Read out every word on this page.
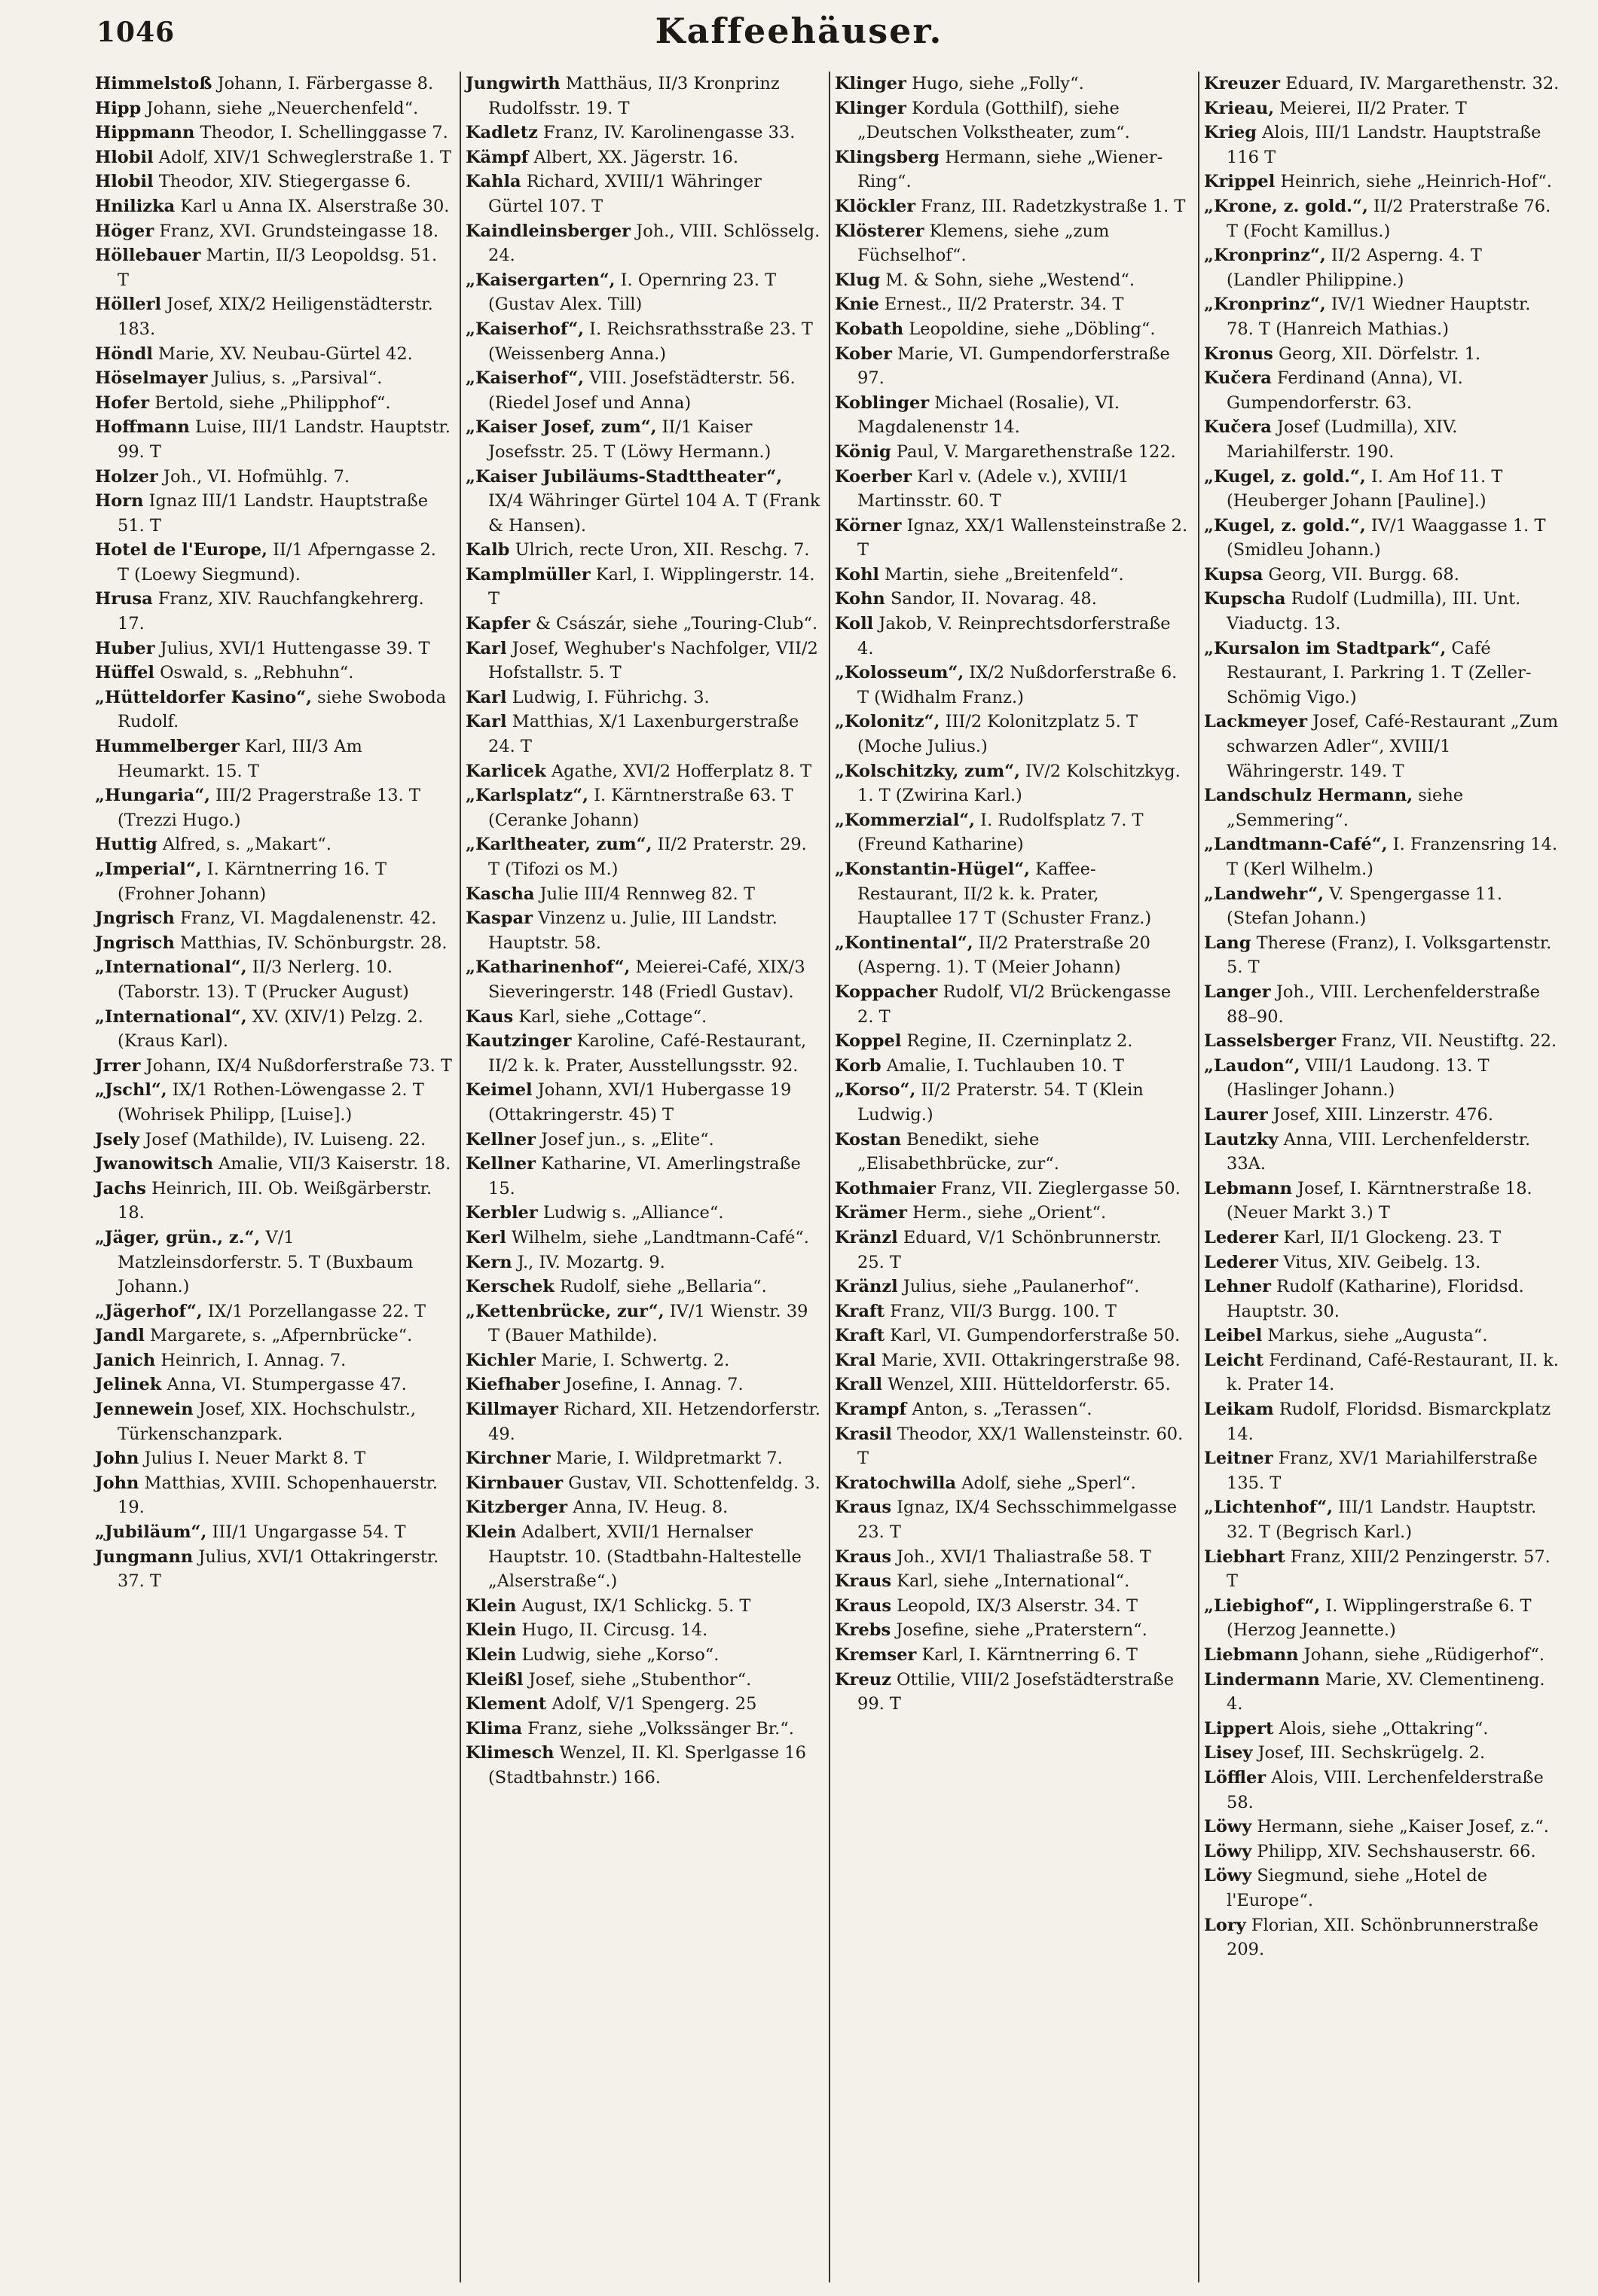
1046	Kaffeehäuser.

Himmelstoß Johann, I. Färbergasse 8.

Hipp Johann, siehe „Neuerchenfeld“.

Hippmann Theodor, I. Schellinggasse 7.

Hlobil Adolf, XIV/1 Schweglerstraße 1. T

Hlobil Theodor, XIV. Stiegergasse 6.

Hnilizka Karl u Anna IX. Alserstraße 30.

Höger Franz, XVI. Grundsteingasse 18.

Höllebauer Martin, II/3 Leopoldsg. 51. T

Höllerl Josef, XIX/2 Heiligenstädterstr. 183.

Höndl Marie, XV. Neubau-Gürtel 42.

Höselmayer Julius, s. „Parsival“.

Hofer Bertold, siehe „Philipphof“.

Hoffmann Luise, III/1 Landstr. Hauptstr. 99. T

Holzer Joh., VI. Hofmühlg. 7.

Horn Ignaz III/1 Landstr. Hauptstraße 51. T

Hotel de l'Europe, II/1 Afperngasse 2. T (Loewy Siegmund).

Hrusa Franz, XIV. Rauchfangkehrerg. 17.

Huber Julius, XVI/1 Huttengasse 39. T

Hüffel Oswald, s. „Rebhuhn“.

„Hütteldorfer Kasino“, siehe Swoboda Rudolf.

Hummelberger Karl, III/3 Am Heumarkt. 15. T

„Hungaria“, III/2 Pragerstraße 13. T (Trezzi Hugo.)

Huttig Alfred, s. „Makart“.

„Imperial“, I. Kärntnerring 16. T (Frohner Johann)

Jngrisch Franz, VI. Magdalenenstr. 42.

Jngrisch Matthias, IV. Schönburgstr. 28.

„International“, II/3 Nerlerg. 10. (Taborstr. 13). T (Prucker August)

„International“, XV. (XIV/1) Pelzg. 2. (Kraus Karl).

Jrrer Johann, IX/4 Nußdorferstraße 73. T

„Jschl“, IX/1 Rothen-Löwengasse 2. T (Wohrisek Philipp, [Luise].)

Jsely Josef (Mathilde), IV. Luiseng. 22.

Jwanowitsch Amalie, VII/3 Kaiserstr. 18.

Jachs Heinrich, III. Ob. Weißgärberstr. 18.

„Jäger, grün., z.“, V/1 Matzleinsdorferstr. 5. T (Buxbaum Johann.)

„Jägerhof“, IX/1 Porzellangasse 22. T

Jandl Margarete, s. „Afpernbrücke“.

Janich Heinrich, I. Annag. 7.

Jelinek Anna, VI. Stumpergasse 47.

Jennewein Josef, XIX. Hochschulstr., Türkenschanzpark.

John Julius I. Neuer Markt 8. T

John Matthias, XVIII. Schopenhauerstr. 19.

„Jubiläum“, III/1 Ungargasse 54. T

Jungmann Julius, XVI/1 Ottakringerstr. 37. T

Jungwirth Matthäus, II/3 Kronprinz Rudolfsstr. 19. T

Kadletz Franz, IV. Karolinengasse 33.

Kämpf Albert, XX. Jägerstr. 16.

Kahla Richard, XVIII/1 Währinger Gürtel 107. T

Kaindleinsberger Joh., VIII. Schlösselg. 24.

„Kaisergarten“, I. Opernring 23. T (Gustav Alex. Till)

„Kaiserhof“, I. Reichsrathsstraße 23. T (Weissenberg Anna.)

„Kaiserhof“, VIII. Josefstädterstr. 56. (Riedel Josef und Anna)

„Kaiser Josef, zum“, II/1 Kaiser Josefsstr. 25. T (Löwy Hermann.)

„Kaiser Jubiläums-Stadttheater“, IX/4 Währinger Gürtel 104 A. T (Frank & Hansen).

Kalb Ulrich, recte Uron, XII. Reschg. 7.

Kamplmüller Karl, I. Wipplingerstr. 14. T

Kapfer & Császár, siehe „Touring-Club“.

Karl Josef, Weghuber's Nachfolger, VII/2 Hofstallstr. 5. T

Karl Ludwig, I. Führichg. 3.

Karl Matthias, X/1 Laxenburgerstraße 24. T

Karlicek Agathe, XVI/2 Hofferplatz 8. T

„Karlsplatz“, I. Kärntnerstraße 63. T (Ceranke Johann)

„Karltheater, zum“, II/2 Praterstr. 29. T (Tifozi os M.)

Kascha Julie III/4 Rennweg 82. T

Kaspar Vinzenz u. Julie, III Landstr. Hauptstr. 58.

„Katharinenhof“, Meierei-Café, XIX/3 Sieveringerstr. 148 (Friedl Gustav).

Kaus Karl, siehe „Cottage“.

Kautzinger Karoline, Café-Restaurant, II/2 k. k. Prater, Ausstellungsstr. 92.

Keimel Johann, XVI/1 Hubergasse 19 (Ottakringerstr. 45) T

Kellner Josef jun., s. „Elite“.

Kellner Katharine, VI. Amerlingstraße 15.

Kerbler Ludwig s. „Alliance“.

Kerl Wilhelm, siehe „Landtmann-Café“.

Kern J., IV. Mozartg. 9.

Kerschek Rudolf, siehe „Bellaria“.

„Kettenbrücke, zur“, IV/1 Wienstr. 39 T (Bauer Mathilde).

Kichler Marie, I. Schwertg. 2.

Kiefhaber Josefine, I. Annag. 7.

Killmayer Richard, XII. Hetzendorferstr. 49.

Kirchner Marie, I. Wildpretmarkt 7.

Kirnbauer Gustav, VII. Schottenfeldg. 3.

Kitzberger Anna, IV. Heug. 8.

Klein Adalbert, XVII/1 Hernalser Hauptstr. 10. (Stadtbahn-Haltestelle „Alserstraße“.)

Klein August, IX/1 Schlickg. 5. T

Klein Hugo, II. Circusg. 14.

Klein Ludwig, siehe „Korso“.

Kleißl Josef, siehe „Stubenthor“.

Klement Adolf, V/1 Spengerg. 25

Klima Franz, siehe „Volkssänger Br.“.

Klimesch Wenzel, II. Kl. Sperlgasse 16 (Stadtbahnstr.) 166.

Klinger Hugo, siehe „Folly“.

Klinger Kordula (Gotthilf), siehe „Deutschen Volkstheater, zum“.

Klingsberg Hermann, siehe „Wiener-Ring“.

Klöckler Franz, III. Radetzkystraße 1. T

Klösterer Klemens, siehe „zum Füchselhof“.

Klug M. & Sohn, siehe „Westend“.

Knie Ernest., II/2 Praterstr. 34. T

Kobath Leopoldine, siehe „Döbling“.

Kober Marie, VI. Gumpendorferstraße 97.

Koblinger Michael (Rosalie), VI. Magdalenenstr 14.

König Paul, V. Margarethenstraße 122.

Koerber Karl v. (Adele v.), XVIII/1 Martinsstr. 60. T

Körner Ignaz, XX/1 Wallensteinstraße 2. T

Kohl Martin, siehe „Breitenfeld“.

Kohn Sandor, II. Novarag. 48.

Koll Jakob, V. Reinprechtsdorferstraße 4.

„Kolosseum“, IX/2 Nußdorferstraße 6. T (Widhalm Franz.)

„Kolonitz“, III/2 Kolonitzplatz 5. T (Moche Julius.)

„Kolschitzky, zum“, IV/2 Kolschitzkyg. 1. T (Zwirina Karl.)

„Kommerzial“, I. Rudolfsplatz 7. T (Freund Katharine)

„Konstantin-Hügel“, Kaffee-Restaurant, II/2 k. k. Prater, Hauptallee 17 T (Schuster Franz.)

„Kontinental“, II/2 Praterstraße 20 (Asperng. 1). T (Meier Johann)

Koppacher Rudolf, VI/2 Brückengasse 2. T

Koppel Regine, II. Czerninplatz 2.

Korb Amalie, I. Tuchlauben 10. T

„Korso“, II/2 Praterstr. 54. T (Klein Ludwig.)

Kostan Benedikt, siehe „Elisabethbrücke, zur“.

Kothmaier Franz, VII. Zieglergasse 50.

Krämer Herm., siehe „Orient“.

Kränzl Eduard, V/1 Schönbrunnerstr. 25. T

Kränzl Julius, siehe „Paulanerhof“.

Kraft Franz, VII/3 Burgg. 100. T

Kraft Karl, VI. Gumpendorferstraße 50.

Kral Marie, XVII. Ottakringerstraße 98.

Krall Wenzel, XIII. Hütteldorferstr. 65.

Krampf Anton, s. „Terassen“.

Krasil Theodor, XX/1 Wallensteinstr. 60. T

Kratochwilla Adolf, siehe „Sperl“.

Kraus Ignaz, IX/4 Sechsschimmelgasse 23. T

Kraus Joh., XVI/1 Thaliastraße 58. T

Kraus Karl, siehe „International“.

Kraus Leopold, IX/3 Alserstr. 34. T

Krebs Josefine, siehe „Praterstern“.

Kremser Karl, I. Kärntnerring 6. T

Kreuz Ottilie, VIII/2 Josefstädterstraße 99. T

Kreuzer Eduard, IV. Margarethenstr. 32.

Krieau, Meierei, II/2 Prater. T

Krieg Alois, III/1 Landstr. Hauptstraße 116 T

Krippel Heinrich, siehe „Heinrich-Hof“.

„Krone, z. gold.“, II/2 Praterstraße 76. T (Focht Kamillus.)

„Kronprinz“, II/2 Asperng. 4. T (Landler Philippine.)

„Kronprinz“, IV/1 Wiedner Hauptstr. 78. T (Hanreich Mathias.)

Kronus Georg, XII. Dörfelstr. 1.

Kučera Ferdinand (Anna), VI. Gumpendorferstr. 63.

Kučera Josef (Ludmilla), XIV. Mariahilferstr. 190.

„Kugel, z. gold.“, I. Am Hof 11. T (Heuberger Johann [Pauline].)

„Kugel, z. gold.“, IV/1 Waaggasse 1. T (Smidleu Johann.)

Kupsa Georg, VII. Burgg. 68.

Kupscha Rudolf (Ludmilla), III. Unt. Viaductg. 13.

„Kursalon im Stadtpark“, Café Restaurant, I. Parkring 1. T (Zeller-Schömig Vigo.)

Lackmeyer Josef, Café-Restaurant „Zum schwarzen Adler“, XVIII/1 Währingerstr. 149. T

Landschulz Hermann, siehe „Semmering“.

„Landtmann-Café“, I. Franzensring 14. T (Kerl Wilhelm.)

„Landwehr“, V. Spengergasse 11. (Stefan Johann.)

Lang Therese (Franz), I. Volksgartenstr. 5. T

Langer Joh., VIII. Lerchenfelderstraße 88–90.

Lasselsberger Franz, VII. Neustiftg. 22.

„Laudon“, VIII/1 Laudong. 13. T (Haslinger Johann.)

Laurer Josef, XIII. Linzerstr. 476.

Lautzky Anna, VIII. Lerchenfelderstr. 33A.

Lebmann Josef, I. Kärntnerstraße 18. (Neuer Markt 3.) T

Lederer Karl, II/1 Glockeng. 23. T

Lederer Vitus, XIV. Geibelg. 13.

Lehner Rudolf (Katharine), Floridsd. Hauptstr. 30.

Leibel Markus, siehe „Augusta“.

Leicht Ferdinand, Café-Restaurant, II. k. k. Prater 14.

Leikam Rudolf, Floridsd. Bismarckplatz 14.

Leitner Franz, XV/1 Mariahilferstraße 135. T

„Lichtenhof“, III/1 Landstr. Hauptstr. 32. T (Begrisch Karl.)

Liebhart Franz, XIII/2 Penzingerstr. 57. T

„Liebighof“, I. Wipplingerstraße 6. T (Herzog Jeannette.)

Liebmann Johann, siehe „Rüdigerhof“.

Lindermann Marie, XV. Clementineng. 4.

Lippert Alois, siehe „Ottakring“.

Lisey Josef, III. Sechskrügelg. 2.

Löffler Alois, VIII. Lerchenfelderstraße 58.

Löwy Hermann, siehe „Kaiser Josef, z.“.

Löwy Philipp, XIV. Sechshauserstr. 66.

Löwy Siegmund, siehe „Hotel de l'Europe“.

Lory Florian, XII. Schönbrunnerstraße 209.
